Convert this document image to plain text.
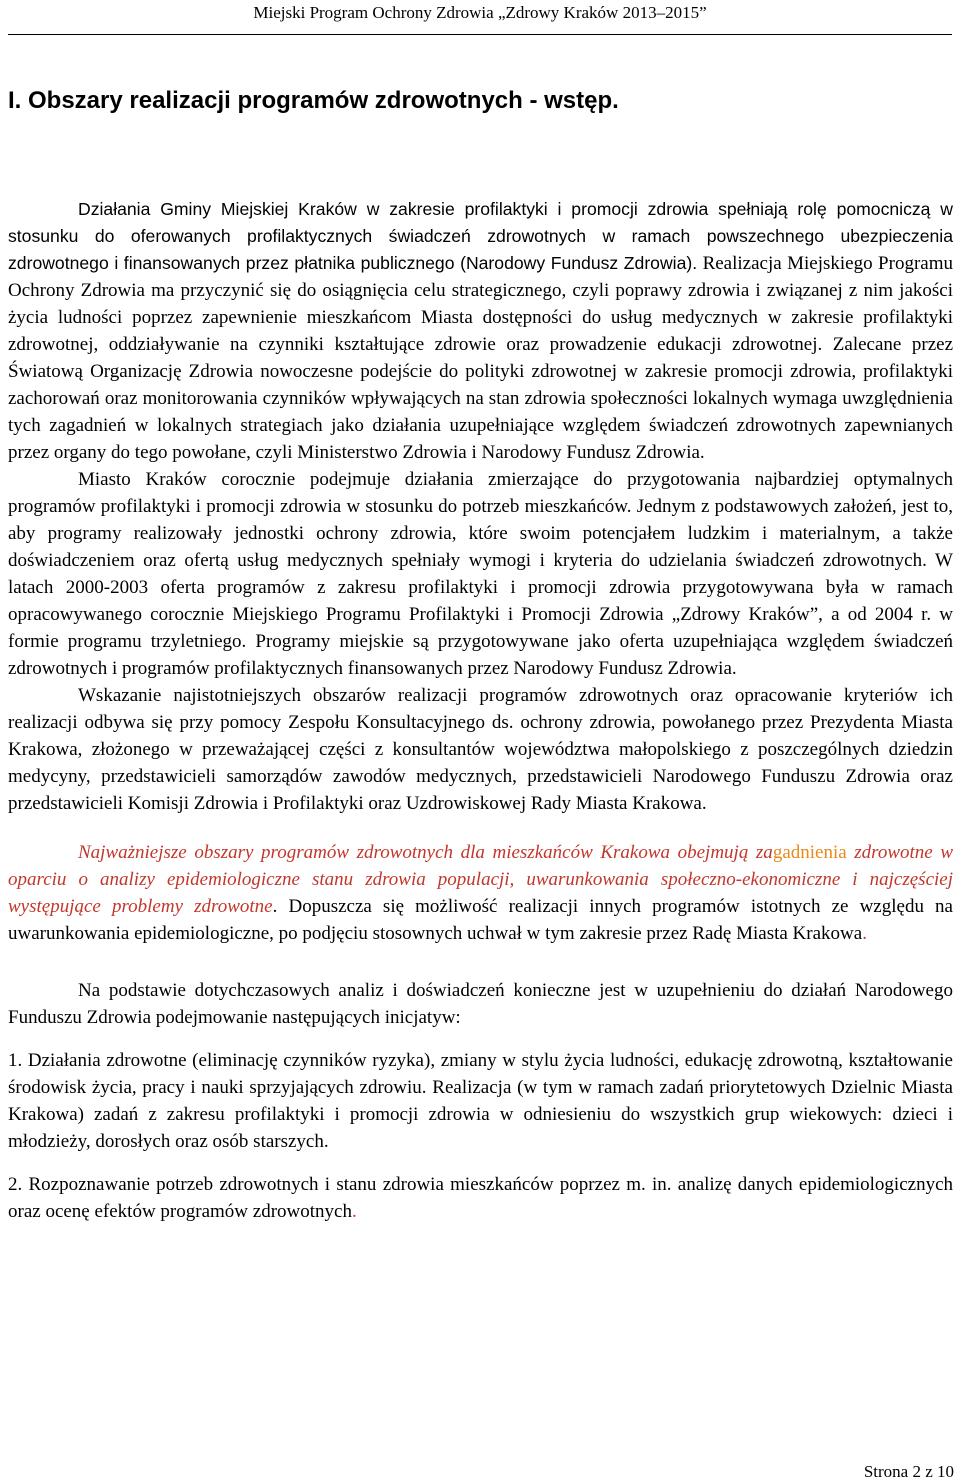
Miejski Program Ochrony Zdrowia „Zdrowy Kraków 2013–2015”
I. Obszary realizacji programów zdrowotnych - wstęp.

Działania Gminy Miejskiej Kraków w zakresie profilaktyki i promocji zdrowia spełniają rolę pomocniczą w stosunku do oferowanych profilaktycznych świadczeń zdrowotnych w ramach powszechnego ubezpieczenia zdrowotnego i finansowanych przez płatnika publicznego (Narodowy Fundusz Zdrowia). Realizacja Miejskiego Programu Ochrony Zdrowia ma przyczynić się do osiągnięcia celu strategicznego, czyli poprawy zdrowia i związanej z nim jakości życia ludności poprzez zapewnienie mieszkańcom Miasta dostępności do usług medycznych w zakresie profilaktyki zdrowotnej, oddziaływanie na czynniki kształtujące zdrowie oraz prowadzenie edukacji zdrowotnej. Zalecane przez Światową Organizację Zdrowia nowoczesne podejście do polityki zdrowotnej w zakresie promocji zdrowia, profilaktyki zachorowań oraz monitorowania czynników wpływających na stan zdrowia społeczności lokalnych wymaga uwzględnienia tych zagadnień w lokalnych strategiach jako działania uzupełniające względem świadczeń zdrowotnych zapewnianych przez organy do tego powołane, czyli Ministerstwo Zdrowia i Narodowy Fundusz Zdrowia.

Miasto Kraków corocznie podejmuje działania zmierzające do przygotowania najbardziej optymalnych programów profilaktyki i promocji zdrowia w stosunku do potrzeb mieszkańców. Jednym z podstawowych założeń, jest to, aby programy realizowały jednostki ochrony zdrowia, które swoim potencjałem ludzkim i materialnym, a także doświadczeniem oraz ofertą usług medycznych spełniały wymogi i kryteria do udzielania świadczeń zdrowotnych. W latach 2000-2003 oferta programów z zakresu profilaktyki i promocji zdrowia przygotowywana była w ramach opracowywanego corocznie Miejskiego Programu Profilaktyki i Promocji Zdrowia „Zdrowy Kraków”, a od 2004 r. w formie programu trzyletniego. Programy miejskie są przygotowywane jako oferta uzupełniająca względem świadczeń zdrowotnych i programów profilaktycznych finansowanych przez Narodowy Fundusz Zdrowia.

Wskazanie najistotniejszych obszarów realizacji programów zdrowotnych oraz opracowanie kryteriów ich realizacji odbywa się przy pomocy Zespołu Konsultacyjnego ds. ochrony zdrowia, powołanego przez Prezydenta Miasta Krakowa, złożonego w przeważającej części z konsultantów województwa małopolskiego z poszczególnych dziedzin medycyny, przedstawicieli samorządów zawodów medycznych, przedstawicieli Narodowego Funduszu Zdrowia oraz przedstawicieli Komisji Zdrowia i Profilaktyki oraz Uzdrowiskowej Rady Miasta Krakowa.

Najważniejsze obszary programów zdrowotnych dla mieszkańców Krakowa obejmują zagadnienia zdrowotne w oparciu o analizy epidemiologiczne stanu zdrowia populacji, uwarunkowania społeczno-ekonomiczne i najczęściej występujące problemy zdrowotne. Dopuszcza się możliwość realizacji innych programów istotnych ze względu na uwarunkowania epidemiologiczne, po podjęciu stosownych uchwał w tym zakresie przez Radę Miasta Krakowa.

Na podstawie dotychczasowych analiz i doświadczeń konieczne jest w uzupełnieniu do działań Narodowego Funduszu Zdrowia podejmowanie następujących inicjatyw:

1. Działania zdrowotne (eliminację czynników ryzyka), zmiany w stylu życia ludności, edukację zdrowotną, kształtowanie środowisk życia, pracy i nauki sprzyjających zdrowiu. Realizacja (w tym w ramach zadań priorytetowych Dzielnic Miasta Krakowa) zadań z zakresu profilaktyki i promocji zdrowia w odniesieniu do wszystkich grup wiekowych: dzieci i młodzieży, dorosłych oraz osób starszych.

2. Rozpoznawanie potrzeb zdrowotnych i stanu zdrowia mieszkańców poprzez m. in. analizę danych epidemiologicznych oraz ocenę efektów programów zdrowotnych.

Strona 2 z 10
